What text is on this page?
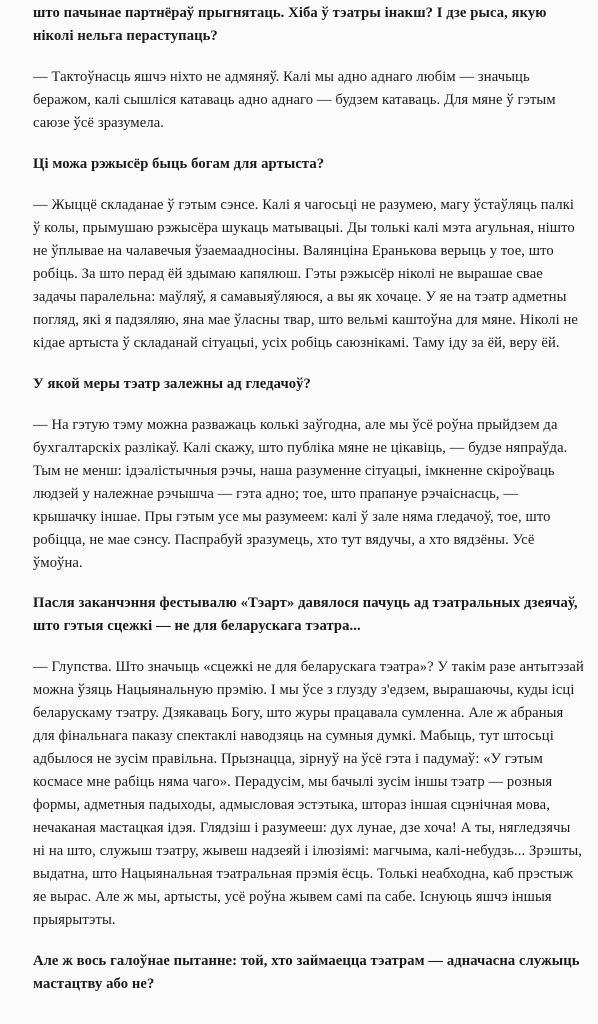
што пачынае партнёраў прыгнятаць. Хіба ў тэатры інакш? І дзе рыса, якую ніколі нельга пераступаць?

— Тактоўнасць яшчэ ніхто не адмяняў. Калі мы адно аднаго любім — значыць беражом, калі сышліся катаваць адно аднаго — будзем катаваць. Для мяне ў гэтым саюзе ўсё зразумела.

Ці можа рэжысёр быць богам для артыста?

— Жыццё складанае ў гэтым сэнсе. Калі я чагосьці не разумею, магу ўстаўляць палкі ў колы, прымушаю рэжысёра шукаць матывацыі. Ды толькі калі мэта агульная, нішто не ўплывае на чалавечыя ўзаемаадносіны. Валянціна Еранькова верыць у тое, што робіць. За што перад ёй здымаю капялюш. Гэты рэжысёр ніколі не вырашае свае задачы паралельна: маўляў, я самавыяўляюся, а вы як хочаце. У яе на тэатр адметны погляд, які я падзяляю, яна мае ўласны твар, што вельмі каштоўна для мяне. Ніколі не кідае артыста ў складанай сітуацыі, усіх робіць саюзнікамі. Таму іду за ёй, веру ёй.

У якой меры тэатр залежны ад гледачоў?

— На гэтую тэму можна разважаць колькі заўгодна, але мы ўсё роўна прыйдзем да бухгалтарскіх разлікаў. Калі скажу, што публіка мяне не цікавіць, — будзе няпраўда. Тым не менш: ідэалістычныя рэчы, наша разуменне сітуацыі, імкненне скіроўваць людзей у належнае рэчышча — гэта адно; тое, што прапануе рэчаіснасць, — крышачку іншае. Пры гэтым усе мы разумеем: калі ў зале няма гледачоў, тое, што робіцца, не мае сэнсу. Паспрабуй зразумець, хто тут вядучы, а хто вядзёны. Усё ўмоўна.

Пасля заканчэння фестывалю «Тэарт» давялося пачуць ад тэатральных дзеячаў, што гэтыя сцежкі — не для беларускага тэатра...

— Глупства. Што значыць «сцежкі не для беларускага тэатра»? У такім разе антытэзай можна ўзяць Нацыянальную прэмію. І мы ўсе з глузду з'едзем, вырашаючы, куды ісці беларускаму тэатру. Дзякаваць Богу, што журы працавала сумленна. Але ж абраныя для фінальнага паказу спектаклі наводзяць на сумныя думкі. Мабыць, тут штосьці адбылося не зусім правільна. Прызнацца, зірнуў на ўсё гэта і падумаў: «У гэтым космасе мне рабіць няма чаго». Перадусім, мы бачылі зусім іншы тэатр — розныя формы, адметныя падыходы, адмысловая эстэтыка, штораз іншая сцэнічная мова, нечаканая мастацкая ідэя. Глядзіш і разумееш: дух лунае, дзе хоча! А ты, нягледзячы ні на што, служыш тэатру, жывеш надзеяй і ілюзіямі: магчыма, калі-небудзь... Зрэшты, выдатна, што Нацыянальная тэатральная прэмія ёсць. Толькі неабходна, каб прэстыж яе вырас. Але ж мы, артысты, усё роўна жывем самі па сабе. Існуюць яшчэ іншыя прыярытэты.

Але ж вось галоўнае пытанне: той, хто займаецца тэатрам — адначасна служыць мастацтву або не?
